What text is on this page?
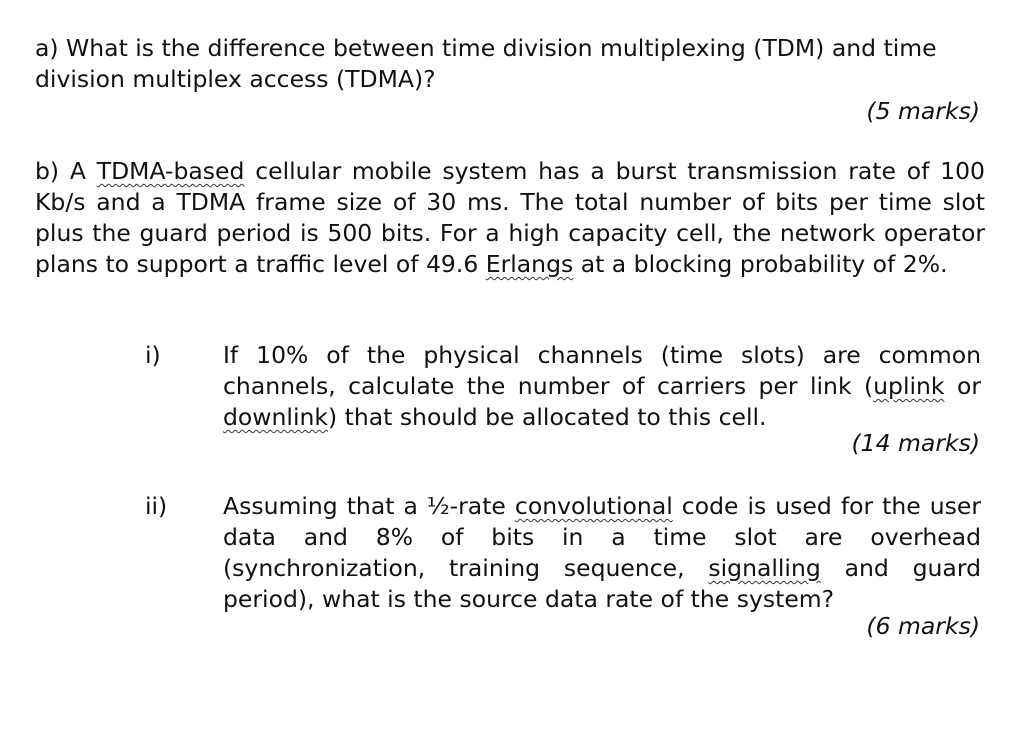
a) What is the difference between time division multiplexing (TDM) and time
division multiplex access (TDMA)?

(5 marks)

b) A TDMA-based cellular mobile system has a burst transmission rate of 100 Kb/s and a TDMA frame size of 30 ms. The total number of bits per time slot plus the guard period is 500 bits. For a high capacity cell, the network operator plans to support a traffic level of 49.6 Erlangs at a blocking probability of 2%.

i)	If 10% of the physical channels (time slots) are common channels, calculate the number of carriers per link (uplink or downlink) that should be allocated to this cell.

(14 marks)
ii) Assuming that a ½-rate convolutional code is used for the user data and 8% of bits in a time slot are overhead (synchronization, training sequence, signalling and guard period), what is the source data rate of the system?

(6 marks)
